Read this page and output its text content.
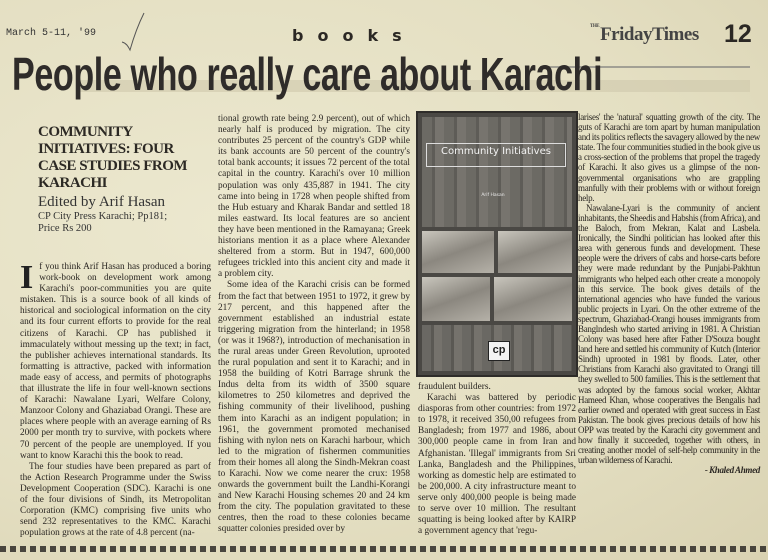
March 5-11, '99	books	$^{THE}$FridayTimes 12
People who really care about Karachi
COMMUNITY INITIATIVES: FOUR CASE STUDIES FROM KARACHI
Edited by Arif Hasan
CP City Press Karachi; Pp181;
Price Rs 200

If you think Arif Hasan has produced a boring work-book on development work among Karachi's poor-communities you are quite mistaken. This is a source book of all kinds of historical and sociological information on the city and its four current efforts to provide for the real citizens of Karachi. CP has published it immaculately without messing up the text; in fact, the publisher achieves international standards. Its formatting is attractive, packed with information made easy of access, and permits of photographs that illustrate the life in four well-known sections of Karachi: Nawalane Lyari, Welfare Colony, Manzoor Colony and Ghaziabad Orangi. These are places where people with an average earning of Rs 2000 per month try to survive, with pockets where 70 percent of the people are unemployed. If you want to know Karachi this the book to read.

The four studies have been prepared as part of the Action Research Programme under the Swiss Development Cooperation (SDC). Karachi is one of the four divisions of Sindh, its Metropolitan Corporation (KMC) comprising five units who send 232 representatives to the KMC. Karachi population grows at the rate of 4.8 percent (na-

tional growth rate being 2.9 percent), out of which nearly half is produced by migration. The city contributes 25 percent of the country's GDP while its bank accounts are 50 percent of the country's total bank accounts; it issues 72 percent of the total capital in the country. Karachi's over 10 million population was only 435,887 in 1941. The city came into being in 1728 when people shifted from the Hub estuary and Kharak Bandar and settled 18 miles eastward. Its local features are so ancient they have been mentioned in the Ramayana; Greek historians mention it as a place where Alexander sheltered from a storm. But in 1947, 600,000 refugees trickled into this ancient city and made it a problem city.

Some idea of the Karachi crisis can be formed from the fact that between 1951 to 1972, it grew by 217 percent, and this happened after the government established an industrial estate triggering migration from the hinterland; in 1958 (or was it 1968?), introduction of mechanisation in the rural areas under Green Revolution, uprooted the rural population and sent it to Karachi; and in 1958 the building of Kotri Barrage shrunk the Indus delta from its width of 3500 square kilometres to 250 kilometres and deprived the fishing community of their livelihood, pushing them into Karachi as an indigent population; in 1961, the government promoted mechanised fishing with nylon nets on Karachi harbour, which led to the migration of fishermen communities from their homes all along the Sindh-Mekran coast to Karachi. Now we come nearer the crux: 1958 onwards the government built the Landhi-Korangi and New Karachi Housing schemes 20 and 24 km from the city. The population gravitated to these centres, then the road to these colonies became squatter colonies presided over by

Community Initiatives
Arif Hasan
cp

fraudulent builders.

Karachi was battered by periodic diasporas from other countries: from 1972 to 1978, it received 350,00 refugees from Bangladesh; from 1977 and 1986, about 300,000 people came in from Iran and Afghanistan. 'Illegal' immigrants from Sri Lanka, Bangladesh and the Philippines, working as domestic help are estimated to be 200,000. A city infrastructure meant to serve only 400,000 people is being made to serve over 10 million. The resultant squatting is being looked after by KAIRP a government agency that 'regu-

larises' the 'natural' squatting growth of the city. The guts of Karachi are torn apart by human manipulation and its politics reflects the savagery allowed by the new state. The four communities studied in the book give us a cross-section of the problems that propel the tragedy of Karachi. It also gives us a glimpse of the non-governmental organisations who are grappling manfully with their problems with or without foreign help.

Nawalane-Lyari is the community of ancient inhabitants, the Sheedis and Habshis (from Africa), and the Baloch, from Mekran, Kalat and Lasbela. Ironically, the Sindhi politician has looked after this area with generous funds and development. These people were the drivers of cabs and horse-carts before they were made redundant by the Punjabi-Pakhtun immigrants who helped each other create a monopoly in this service. The book gives details of the international agencies who have funded the various public projects in Lyari. On the other extreme of the spectrum, Ghaziabad-Orangi houses immigrants from Banglndesh who started arriving in 1981. A Christian Colony was based here after Father D'Souza bought land here and settled his community of Kutch (Interior Sindh) uprooted in 1981 by floods. Later, other Christians from Karachi also gravitated to Orangi till they swelled to 500 families. This is the settlement that was adopted by the famous social worker, Akhtar Hameed Khan, whose cooperatives the Bengalis had earlier owned and operated with great success in East Pakistan. The book gives precious details of how his OPP was treated by the Karachi city government and how finally it succeeded, together with others, in creating another model of self-help community in the urban wilderness of Karachi.

- Khaled Ahmed
